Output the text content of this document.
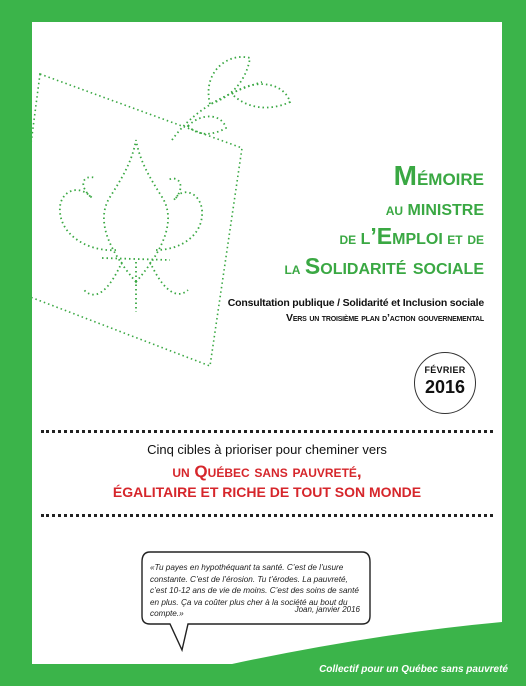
Mémoire
au ministre
de l’Emploi et de
la Solidarité sociale
Consultation publique / Solidarité et Inclusion sociale
Vers un troisième plan d’action gouvernemental
FÉVRIER
2016
Cinq cibles à prioriser pour cheminer vers
un Québec sans pauvreté,
ÉGALITAIRE ET RICHE DE TOUT SON MONDE
«Tu payes en hypothéquant ta santé. C’est de l’usure constante. C’est de l’érosion. Tu t’érodes. La pauvreté, c’est 10-12 ans de vie de moins. C’est des soins de santé en plus. Ça va coûter plus cher à la société au bout du compte.»	Joan, janvier 2016
Collectif pour un Québec sans pauvreté
